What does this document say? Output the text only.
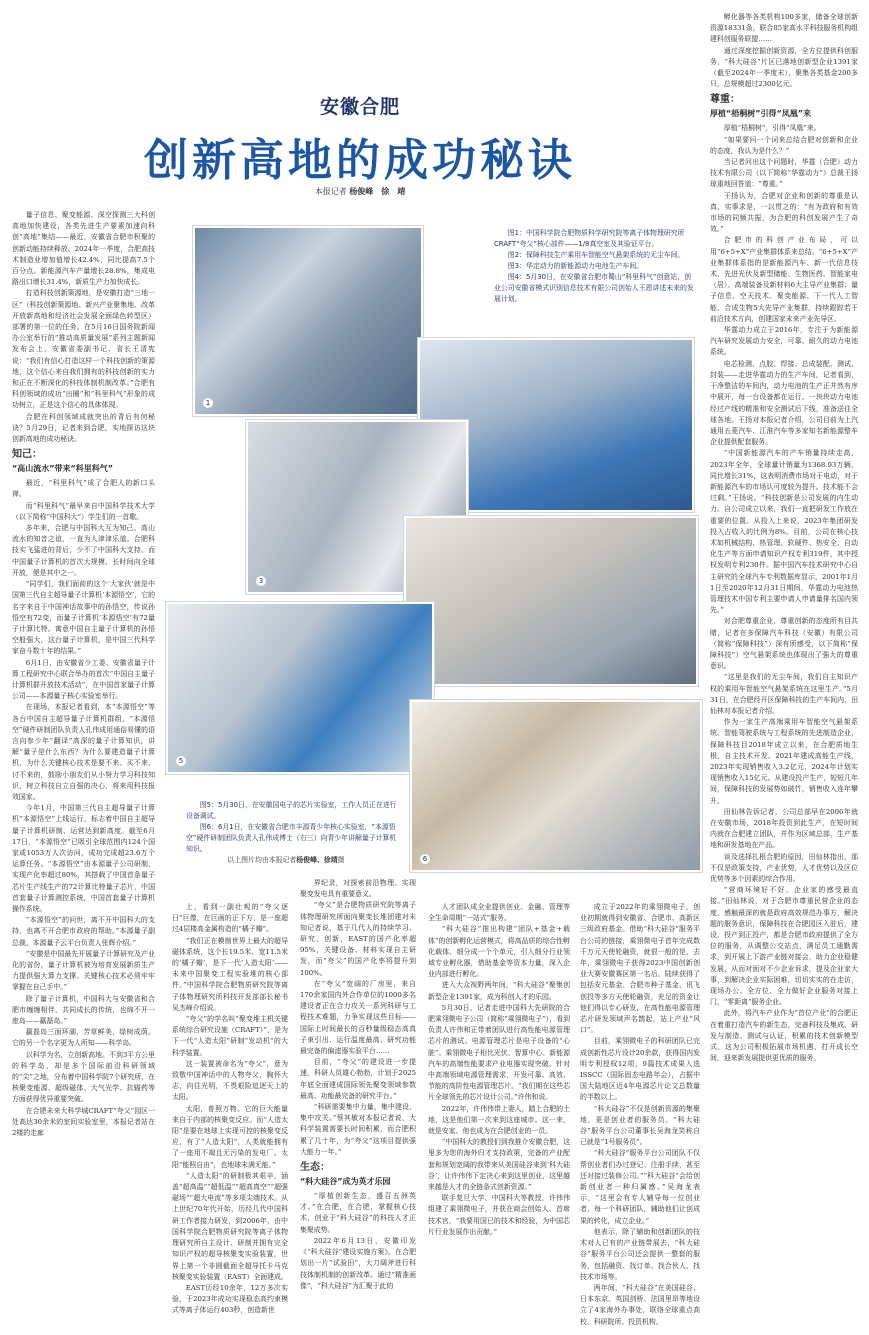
安徽合肥
创新高地的成功秘诀
本报记者 杨俊峰　徐　靖
1
3
5
6
图1：中国科学院合肥物质科学研究院等离子体物理研究所CRAFT“夸父”核心部件——1/8真空室及其验证平台。
图2：保障科技生产乘用车智能空气悬架系统的无尘车间。
图3：华定动力的新能源动力电池生产车间。
图4：5月30日，在安徽省合肥市蜀山“科里科气”创意站，创业公司安徽省模式识别信息技术有限公司创始人王恩讲述未来的发展计划。
图5：5月30日，在安徽国电子的芯片实验室，工作人员正在进行设备调试。
图6：6月1日，在安徽省合肥市丰源青少年核心实验室，“本源悟空”硬件研制团队负责人孔伟成博士（右三）向青少年讲解量子计算机知识。
以上图片均由本报记者杨俊峰、徐靖摄

量子信息、聚变能源、深空探测三大科创高地加快建设，各类先进生产要素加速向科创“高地”集结——最近，安徽省合肥市积聚的创新动能持续释放。2024年一季度，合肥高技术制造业增加值增长42.4%，同比提高7.5个百分点。新能源汽车产量增长28.8%，集成电路出口增长31.4%，新质生产力加快成长。

打造科技创新策源地，是安徽打造“三地一区”（科技创新策源地、新兴产业聚集地、改革开放新高地和经济社会发展全面绿色转型区）部署的第一位的任务。在5月16日国务院新闻办公室举行的“推动高质量发展”系列主题新闻发布会上，安徽省委副书记、省长王清宪说：“我们有信心打造这样一个科技创新的策源地，这个信心来自我们拥有的科技创新的实力和正在不断深化的科技体制机制改革。”合肥有科创领域的成功“出圈”和“科里科气”形象的成功树立，正是这个信心的具体体现。

合肥在科创领域成就突出的背后有何秘诀？5月29日，记者来到合肥，实地探访这块创新高地的成功秘诀。

知己：
“高山流水”带来“科里科气”

最近，“科里科气”成了合肥人的新口头禅。

而“科里科气”最早来自中国科学技术大学（以下简称“中国科大”）学生们的一首歌。

多年来，合肥与中国科大互为知己、高山流水的知音之谊，一直为人津津乐道。合肥科技实飞猛进的背后，少不了中国科大支持。而中国量子计算机的首次大规模、长时间向全球开放，便是其中之一。

“同学们，我们面前的这个‘大家伙’就是中国第三代自主超导量子计算机‘本源悟空’，它的名字来自于中国神话故事中的孙悟空，传说孙悟空有72变，而量子计算机‘本源悟空’有72量子计算比特。寓意中国自主量子计算机的孙悟空般强大，这台量子计算机，是中国三代科学家奋斗数十年的结果。”

6月1日，由安徽省少工委、安徽省量子计算工程研究中心联合举办的首次“中国自主量子计算机群开放技术活动”，在中国首家量子计算公司——本源量子核心实验室举行。

在现场，本报记者看到，本“本源悟空”等各台中国自主超导量子计算机群组，“本源悟空”硬件研制团队负责人孔伟成用通俗易懂的语言向参少年“翻译”高深的量子计算知识，讲解“量子是什么东西？为什么要建造量子计算机，为什么关键核心技术是要不来、买不来、讨不来的，鼓励小朋友们从小努力学习科技知识，树立科技自立自强的决心，将来用科技报效国家。

今年1月，中国第三代自主超导量子计算机“本源悟空”上线运行，标志着中国自主超导量子计算机研制、运营达到新高度。截至6月17日，“本源悟空”已吸引全球范围内124个国家或1053万人次访问，成功完成超23.6万个运算任务。“本源悟空”由本源量子公司研制，实现产化率超过80%，其搭载了中国首条量子芯片生产线生产的72计算比特量子芯片，中国首套量子计算测控系统，中国首套量子计算机操作系统。

“本源悟空”的问世，离不开中国科大的支持，也离不开合肥市政府的帮助。”本源量子副总裁、本源量子云平台负责人张辉介绍。”

“安徽是中国最先开展量子计算研究及产业化的省份，量子计算机被为培育发展新质生产力提供强大算力支撑。关键核心技术必须牢牢掌握在自己手中。”

除了量子计算机，中国科大与安徽省和合肥市缠缠相伴，共同成长的传统，也绵不开一座岛——赢磊岛。”

赢磊岛三面环湖，芳草鲜美，绿树成荫。它的另一个名字更为人所知——科学岛。

以科学为名，立创新高地。不到3平方公里的科学岛，却是多个国际前沿科研领域的“尖”之地，分布着中国科学院7个研究所，在核聚变能源、超级磁体、大气光学、抗辐药等方面获得优异重要突破。

在合肥未来大科学城CRAFT“夸父”园区一处高达30余米的室间实验室里，本报记者站在2楼的走廊

上，看到一副壮观的“夸父逐日”巨像，在巨画的正下方，是一座超过4层楼高金属构造的“橘子瓣”。

“我们正在模制世界上最大的超导磁体系统，这个长19.5米、宽11.5米的‘橘子瓣’，是下一代‘人造太阳’——未来中国聚变工程实验堆的核心部件。”中国科学院合肥物质研究院等离子体物理研究所科技开发部部长秘书吴杰峰介绍说。

“夸父”的学名叫“聚变堆主机关键系统综合研究设施（CRAFT）”，是为下一代“人造太阳”研制“发动机”的大科学装置。

这一装置被命名为“夸父”，意为致敬中国神话中的人物夸父，胸怀大志，向往光明，不畏艰险追逐天上的太阳。

太阳，普照万物。它的巨大能量来自于内部的核聚变反应。而“人造太阳”是要在地球上实现可控的核聚变反应，有了“人造太阳”，人类就能拥有了一座用不竭且无污染的发电厂。太阳“能照自由”，也地球未满无能。”

“人造太阳”的研制极其艰辛，涵盖“超高温”“超低温”“超高真空”“超强磁场”“超大电流”等多项尖端技术。从上世纪70年代开始，历经几代中国科研工作者接力研发，到2006年，由中国科学院合肥物质研究院等离子体物理研究所自主设计、研制并拥有完全知识产权的超导核聚变实验装置，世界上第一个非圆截面全超导托卡马克核聚变实验装置（EAST）全面建成。

EAST历经10余年，12万多次实验，于2023年成功实现稳态高约束模式等离子体运行403秒，创造新世

界纪录，对探索前沿物理、实现聚变发电具有重要意义。

“夸父”是合肥物质研究院等离子体物理研究所面向聚变长堆团建对未知记者说，基于几代人的持续学习、研究、创新，EAST的国产化率超95%，关键设备、材料实现自主研发，而“夸父”的国产化率将提升到100%。

在“夸父”宽阔的厂房里，来自170余家国内外合作单位的1000多名建设者正在合力攻关一系列科研与工程技术难题，力争实现这些目标——国际上时间最长的百秒量级稳态高真子束引出、运行温度最高、研究功能最完备的偏滤器实验平台……

目前，“夸父”的建设进一步提速，科研人员雄心勃勃，计划于2025年底全面建成国际领先聚变领域参数最高、功能最完备的研究平台。”

“科研需要集中力量，集中建设、集中攻关。”蔡其敏对本报记者说，大科学装置需要长时间积累，而合肥积累了几十年，为“夸父”这项目提供强大能力一年。”

生态：
“科大硅谷”成为英才乐园

“厚植创新生态，盛召五洲英才。”在合肥，在合肥，掌握核心技术，创业于“科大硅谷”的科技人才正集聚成势。

2022年6月13日，安徽印发《“科大硅谷”建设实施方案》。在合肥划出一片“试验田”，大刀阔斧进行科技体制机制的创新改革。通过“精准画像”，“科大硅谷”为汇聚于此的

人才团队成全业提供创业、金融、管理等全生命周期“一站式”服务。

“科大硅谷”推出构建“团队+基金+载体”的创新孵化运营模式，将高品质的综合性孵化载体、细分成一个个单元，引入细分行业领域专业孵化器，借助基金等资本力量，深入企业内部进行孵化。

进入大众视野两年间，“科大硅谷”聚集创新型企业1391家，成为科创人才的乐园。

5月30日，记者走进中国科大先研院的合肥乘翎微电子公司（简称“乘翎微电子”），看到负责人许伟和正带着团队进行高性能电源管理芯片的测试。电源管理芯片是电子设备的“心脏”。乘翎微电子相比光伏、智算中心、新能源汽车的高端性能要求产业电器实现突破。针对中高端领域电源管理需求，开发可靠、高效、节能的高阶性电源管理芯片。“我们期在这些芯片全球领先的芯片设计公司。”许伟和说。

2022年，许伟伟带上妻人，踏上合肥的土地，这是他们第一次来到这座城市。这一来，就是安家。他也成为在合肥创业的一员。

“中国科大的教授们到我推介安徽合肥，这里多为您的海外归才支持政策，完备的产业配套和规划宽阔的我带来从美国硅谷来到‘科大硅谷’，让许伟伟下定决心来到这里创业，这里越来越是人才的全链条式创新资源。”

联手复旦大学、中国科大等教授，许伟伟组建了乘翎微电子，并获在商会创始人、首席技术官，“我要用国已的技术和经验，为中国芯片行业发展作出贡献。”

成立于2022年的乘翎微电子，创业初期就得到安徽省、合肥市、高新区三级政府基金。借助“科大硅谷”服务平台公司的链接，乘翎微电子首年完成数千万元天使轮融资，就很一般的是，去年，乘翎微电子获得2023中国创新创业大赛安徽赛区第一名后，陆续获得了包括安元基金、合肥市种子基金、讯飞创投等多方天使轮融资，充足的资金让他们得以专心研发，在高性能电源管理芯片研发领域声名鹊起，站上产业“风口”。

目前，乘翎微电子的科研团队已完成创新性芯片设计20余款，获得国内发明专利授权12项，9篇技术成果入选ISSCC（国际固态电路年会），占据中国大陆地区近4年电源芯片论文总数量的半数以上。

“科大硅谷”不仅是创新资源的集聚地，更是创业者的服务员。“科大硅谷”服务平台公司董事长吴海龙笑称自己就是“1号服务员”。

“科大硅谷”服务平台公司团队不仅帮创业者们办过登记、注册手续，甚至还对接过装修公司。”“科大硅谷”会给创新创业者一种归属感。”吴海龙表示，“这里会有专人辅导每一位创业者，每一个科研团队，辅助他们让创成果的转化，成立企业。”

他表示，除了辅助和创新团队的技术对人已有的产业链带展去，“科大硅谷”服务平台公司还会提供一整套的服务，包括融资、找订单、找合伙人、找技术市场等。

两年间，“科大硅谷”在美国硅谷、日本东京、英国剑桥、法国里昂等地设立了4家海外办事处，联络全球重点高校、科研院所、投资机构、

孵化器等各类机构100多家，储备全球创新资源18331条，联合85家高水平科技服务机构组建科创服务联盟……

通过深度挖掘创新资源，全方位提供科创服务，“科大硅谷”片区已落地创新型企业1391家（截至2024年一季度末），聚集各类基金200多只，总规模超过2300亿元。

尊重：
厚植“梧桐树”引得“凤凰”来

厚植“梧桐树”，引得“凤凰”来。

“如果要问一个词来总结合肥对创新和企业的态度，我认为是什么？”

当记者问出这个问题时，华霆（合肥）动力技术有限公司（以下简称“华霆动力”）总裁王扬琼重地回答道：“尊重。”

王扬认为，合肥对企业和创新的尊重是认真，实事求是，一以贯之的：“有为政府和有效市场的同频共振，为合肥的科创发展产生了奇效。”

合肥市的科创产业布局，可以用“6+5+X”产业集群体系来总结。“6+5+X”产业集群体系指的是新能源汽车、新一代信息技术、先进光伏及新型储能、生物医药、智能家电（居）、高端装备及新材料6大主导产业集群；量子信息、空天技术、聚变能源、下一代人工智能、合成生物5大先导产业集群，持续跟踪若干前沿技术方向，创建国家未来产业先导区。

华霆动力成立于2016年，专注于为新能源汽车研究发展动力安全，可靠、耐久的动力电池系统。

电芯检测、点胶、焊接、总成装配、测试、封装——走进华霆动力的生产车间，记者看到，干净整洁的车间内，动力电池的生产正井然有序中展开，每一台设备都在运行。一块块动力电池经过产线的精准和安全测试后下线，准备送往全球各地。王扬对本报记者介绍，公司目前为上汽通用五菱汽车、江淮汽车等多家知名新能源整车企业提供配套服务。

“中国新能源汽车的产车销量持续走高，2023年全年，全球量计销量为1368.93万辆，同比增长31%，这表明消费市场对于电动，对于新能源汽车的市场认可度较为提升。技术能不会过剩。”王扬说。“科技创新是公司发展的内生动力。自公司成立以来，我们一直把研发工作放在重要的位置。从投入上来说，2023年集团研发投入占收入的比例为8%。目前，公司在核心技术如机械结构、热管理、软硬件、热安全、自动化生产等方面申请知识产权专利319件，其中授权发明专利230件。据中国汽车技术研究中心自主研究的全球汽车专利数据库显示，2001年1月1日至2020年12月31日期间，华霆动力电池热管理技术中国专利主要申请人申请量排名国内领先。”

对合肥尊重企业、尊重创新的态度所有目共睹，记者在多保障汽车科技（安徽）有限公司（简称“保障科技”）深有所感受，以下简称“保障科技”）空气悬架系统也体现出了强大的尊重意识。

“这里是我们的无尘车间，我们自主知识产权的乘用车智能空气悬架系统在这里生产。”5月31日，在合肥经开区保障科技的生产车间内，田仙林对本报记者介绍。

作为一家生产高端乘用车智能空气悬架系统、智能驾驶系统与工程系统的先进制造企业，保障科技目2018年成立以来，在合肥质地生根，自主技术开发。2021年建成高能生产线，2023年实现销售收入3.2亿元，2024年计划实现销售收入15亿元。从建设投产生产，短短几年间，保障科技的发展势如破竹，销售收入连年攀升。

田仙林告诉记者，公司总部早在2006年就在安徽市场，2018年投资到此生产，在短时间内就在合肥建立团队，并作为区域总部，生产基地和研发基地在产品。

谈及选择扎根合肥的原因，田仙林指出，那不仅是政策支持，产业优势，人才优势以及区位优势等多个因素的综合作用。

“营商环境好不好，企业家的感受最直接。”田仙林说，对于合肥市尊重民营企业的态度，感触最深的就是政府高效规范办事方，解决题的服务意识，保障科技在合肥园区入驻后，建设、投产到正投产，都是合肥市政府提供了全方位的服务，从调整公交站点，满足员工通勤需求，到开展上下游产业链对接会，助力企业稳健发展，从而对面对不少企业诉求，提及企业家大事，到解决企业实际困难，切切实实的在走访，现场办公、全方位、全力做好企业服务对接上门，“零距离”服务企业。

此外，将汽车产业作为“首位产业”的合肥正在着重打造汽车的新生态，完善科技及集成、研发与制造、测试与认证，积累的技术创新模型式、这为公司积极拓展市场机遇、打开成长空间，迎来新发展提供更优质的服务。
